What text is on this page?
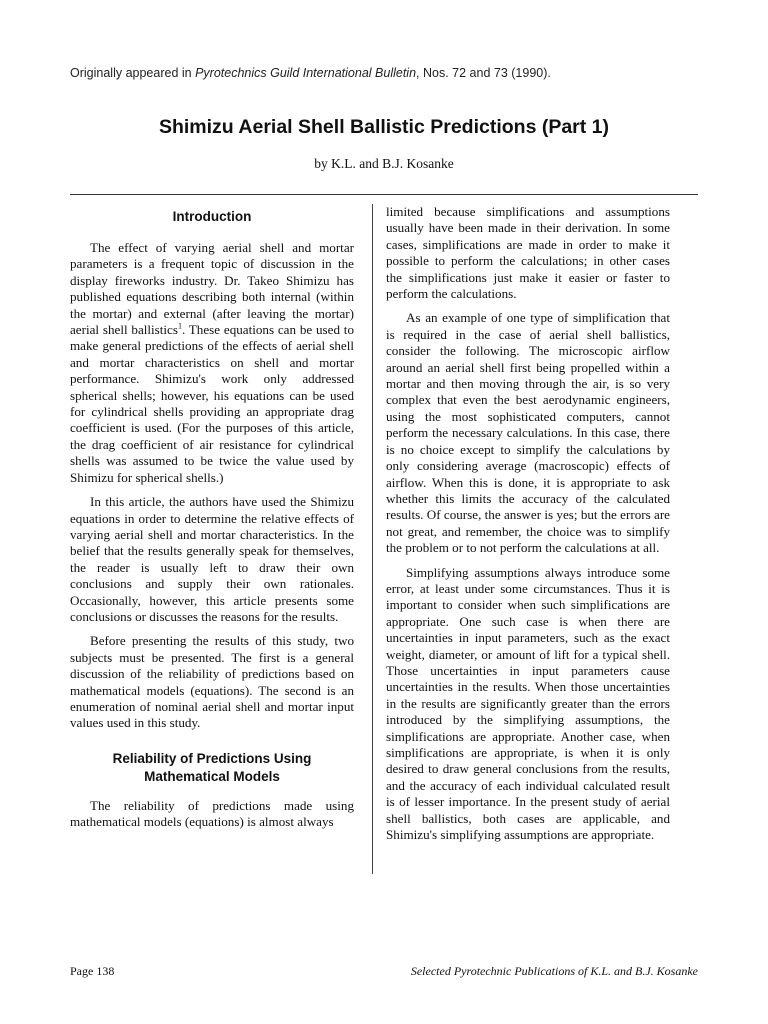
Originally appeared in Pyrotechnics Guild International Bulletin, Nos. 72 and 73 (1990).
Shimizu Aerial Shell Ballistic Predictions (Part 1)
by K.L. and B.J. Kosanke
Introduction

The effect of varying aerial shell and mortar parameters is a frequent topic of discussion in the display fireworks industry. Dr. Takeo Shimizu has published equations describing both internal (within the mortar) and external (after leaving the mortar) aerial shell ballistics$^1$. These equations can be used to make general predictions of the effects of aerial shell and mortar characteristics on shell and mortar performance. Shimizu's work only addressed spherical shells; however, his equations can be used for cylindrical shells providing an appropriate drag coefficient is used. (For the purposes of this article, the drag coefficient of air resistance for cylindrical shells was assumed to be twice the value used by Shimizu for spherical shells.)

In this article, the authors have used the Shimizu equations in order to determine the relative effects of varying aerial shell and mortar characteristics. In the belief that the results generally speak for themselves, the reader is usually left to draw their own conclusions and supply their own rationales. Occasionally, however, this article presents some conclusions or discusses the reasons for the results.

Before presenting the results of this study, two subjects must be presented. The first is a general discussion of the reliability of predictions based on mathematical models (equations). The second is an enumeration of nominal aerial shell and mortar input values used in this study.

Reliability of Predictions Using Mathematical Models

The reliability of predictions made using mathematical models (equations) is almost always

limited because simplifications and assumptions usually have been made in their derivation. In some cases, simplifications are made in order to make it possible to perform the calculations; in other cases the simplifications just make it easier or faster to perform the calculations.

As an example of one type of simplification that is required in the case of aerial shell ballistics, consider the following. The microscopic airflow around an aerial shell first being propelled within a mortar and then moving through the air, is so very complex that even the best aerodynamic engineers, using the most sophisticated computers, cannot perform the necessary calculations. In this case, there is no choice except to simplify the calculations by only considering average (macroscopic) effects of airflow. When this is done, it is appropriate to ask whether this limits the accuracy of the calculated results. Of course, the answer is yes; but the errors are not great, and remember, the choice was to simplify the problem or to not perform the calculations at all.

Simplifying assumptions always introduce some error, at least under some circumstances. Thus it is important to consider when such simplifications are appropriate. One such case is when there are uncertainties in input parameters, such as the exact weight, diameter, or amount of lift for a typical shell. Those uncertainties in input parameters cause uncertainties in the results. When those uncertainties in the results are significantly greater than the errors introduced by the simplifying assumptions, the simplifications are appropriate. Another case, when simplifications are appropriate, is when it is only desired to draw general conclusions from the results, and the accuracy of each individual calculated result is of lesser importance. In the present study of aerial shell ballistics, both cases are applicable, and Shimizu's simplifying assumptions are appropriate.

Page 138	Selected Pyrotechnic Publications of K.L. and B.J. Kosanke
